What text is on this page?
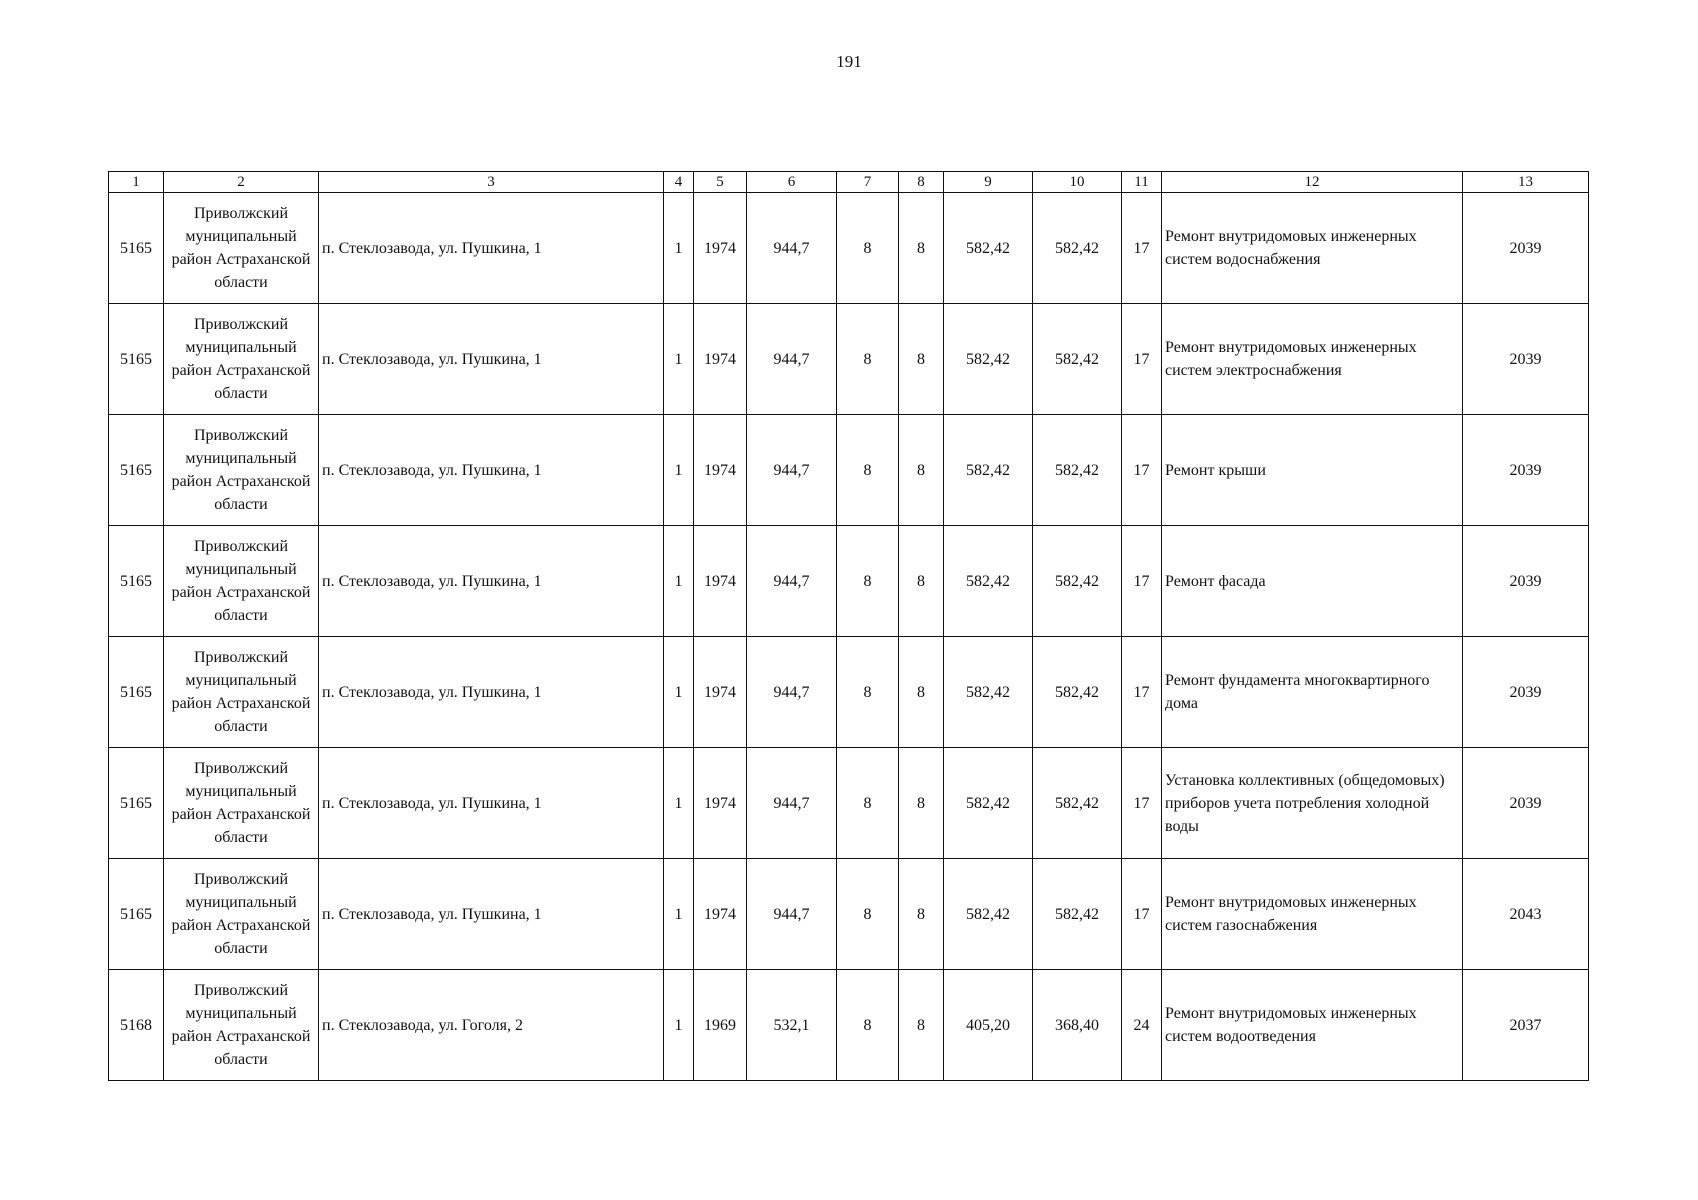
191
1	2	3	4	5	6	7	8	9	10	11	12	13
5165	Приволжский муниципальный район Астраханской области	п. Стеклозавода, ул. Пушкина, 1	1	1974	944,7	8	8	582,42	582,42	17	Ремонт внутридомовых инженерных систем водоснабжения	2039
5165	Приволжский муниципальный район Астраханской области	п. Стеклозавода, ул. Пушкина, 1	1	1974	944,7	8	8	582,42	582,42	17	Ремонт внутридомовых инженерных систем электроснабжения	2039
5165	Приволжский муниципальный район Астраханской области	п. Стеклозавода, ул. Пушкина, 1	1	1974	944,7	8	8	582,42	582,42	17	Ремонт крыши	2039
5165	Приволжский муниципальный район Астраханской области	п. Стеклозавода, ул. Пушкина, 1	1	1974	944,7	8	8	582,42	582,42	17	Ремонт фасада	2039
5165	Приволжский муниципальный район Астраханской области	п. Стеклозавода, ул. Пушкина, 1	1	1974	944,7	8	8	582,42	582,42	17	Ремонт фундамента многоквартирного дома	2039
5165	Приволжский муниципальный район Астраханской области	п. Стеклозавода, ул. Пушкина, 1	1	1974	944,7	8	8	582,42	582,42	17	Установка коллективных (общедомовых) приборов учета потребления холодной воды	2039
5165	Приволжский муниципальный район Астраханской области	п. Стеклозавода, ул. Пушкина, 1	1	1974	944,7	8	8	582,42	582,42	17	Ремонт внутридомовых инженерных систем газоснабжения	2043
5168	Приволжский муниципальный район Астраханской области	п. Стеклозавода, ул. Гоголя, 2	1	1969	532,1	8	8	405,20	368,40	24	Ремонт внутридомовых инженерных систем водоотведения	2037
